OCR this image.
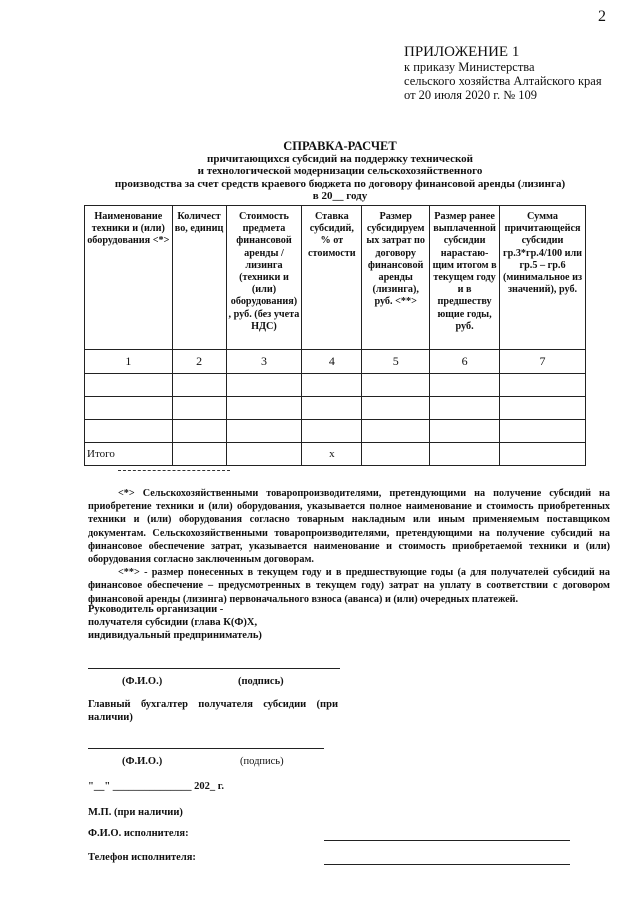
2
ПРИЛОЖЕНИЕ 1
к приказу Министерства
сельского хозяйства Алтайского края
от 20 июля 2020 г. № 109
СПРАВКА-РАСЧЕТ
причитающихся субсидий на поддержку технической
и технологической модернизации сельскохозяйственного
производства за счет средств краевого бюджета по договору финансовой аренды (лизинга)
в 20__ году
Наименование техники и (или) оборудования <*>	Количест во, единиц	Стоимость предмета финансовой аренды / лизинга (техники и (или) оборудования) , руб. (без учета НДС)	Ставка субсидий, % от стоимости	Размер субсидируем ых затрат по договору финансовой аренды (лизинга), руб. <**>	Размер ранее выплаченной субсидии нарастаю- щим итогом в текущем году и в предшеству ющие годы, руб.	Сумма причитающейся субсидии гр.3*гр.4/100 или гр.5 – гр.6 (минимальное из значений), руб.
1	2	3	4	5	6	7

Итого			х			

<*> Сельскохозяйственными товаропроизводителями, претендующими на получение субсидий на приобретение техники и (или) оборудования, указывается полное наименование и стоимость приобретенных техники и (или) оборудования согласно товарным накладным или иным применяемым поставщиком документам. Сельскохозяйственными товаропроизводителями, претендующими на получение субсидий на финансовое обеспечение затрат, указывается наименование и стоимость приобретаемой техники и (или) оборудования согласно заключенным договорам.

<**> - размер понесенных в текущем году и в предшествующие годы (а для получателей субсидий на финансовое обеспечение – предусмотренных в текущем году) затрат на уплату в соответствии с договором финансовой аренды (лизинга) первоначального взноса (аванса) и (или) очередных платежей.

Руководитель организации -
получателя субсидии (глава К(Ф)Х,
индивидуальный предприниматель)
(Ф.И.О.)	(подпись)
Главный бухгалтер получателя субсидии (при наличии)
(Ф.И.О.)	(подпись)
"__" _______________ 202_ г.
М.П. (при наличии)
Ф.И.О. исполнителя:
Телефон исполнителя:
